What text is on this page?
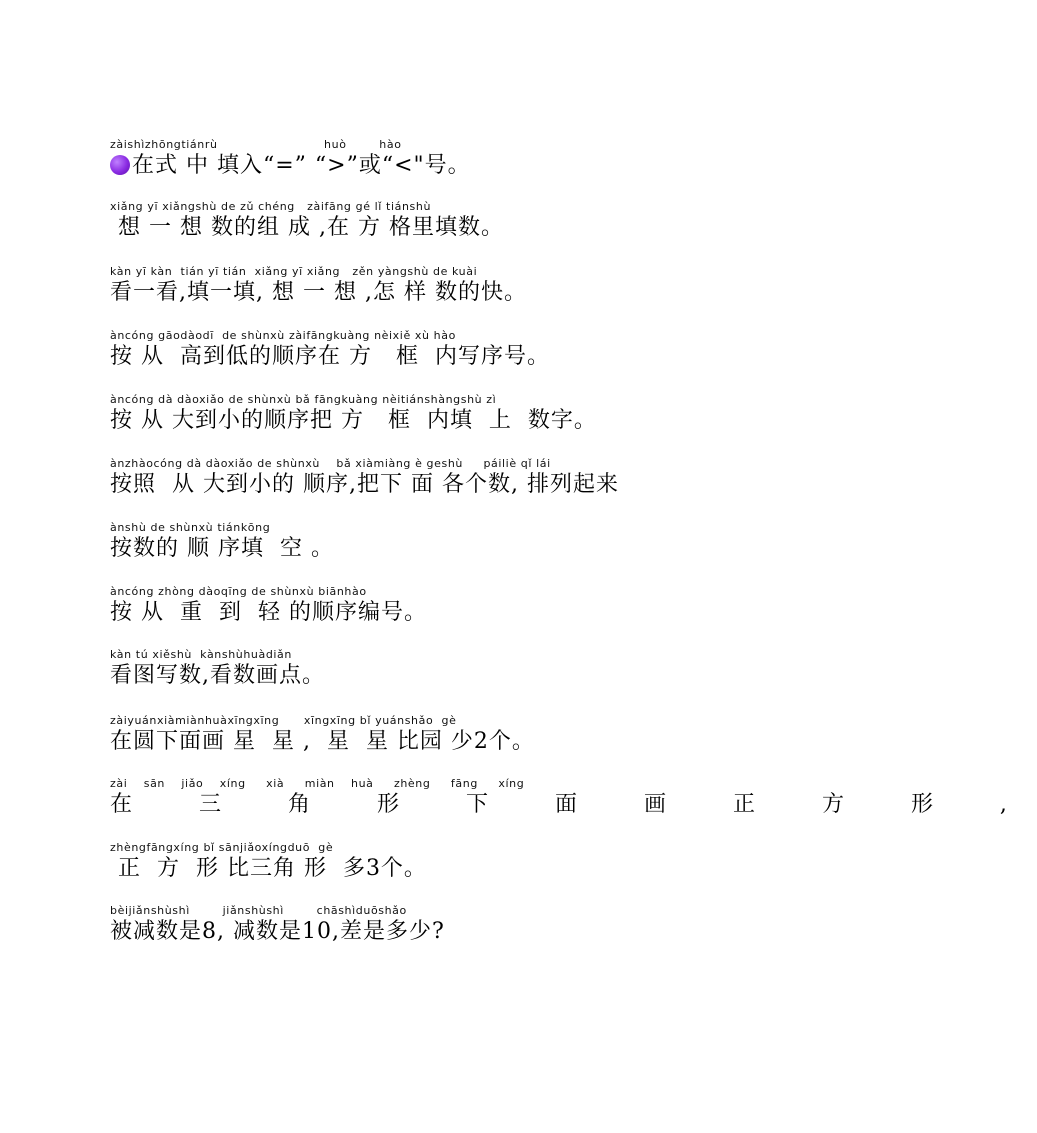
zàishìzhōngtiánrù                          huò        hào
在式 中 填入“=” “>”或“<"号。
xiǎng yī xiǎngshù de zǔ chéng   zàifāng gé lǐ tiánshù
想 一 想 数的组 成 ,在 方 格里填数。
kàn yī kàn  tián yī tián  xiǎng yī xiǎng   zěn yàngshù de kuài
看一看,填一填, 想 一 想 ,怎 样 数的快。
àncóng gāodàodī  de shùnxù zàifāngkuàng nèixiě xù hào
按 从  高到低的顺序在 方   框  内写序号。
àncóng dà dàoxiǎo de shùnxù bǎ fāngkuàng nèitiánshàngshù zì
按 从 大到小的顺序把 方   框  内填  上  数字。
ànzhàocóng dà dàoxiǎo de shùnxù    bǎ xiàmiàng è geshù     páiliè qǐ lái
按照  从 大到小的 顺序,把下 面 各个数, 排列起来
ànshù de shùnxù tiánkōng
按数的 顺 序填  空 。
àncóng zhòng dàoqīng de shùnxù biānhào
按 从  重  到  轻 的顺序编号。
kàn tú xiěshù  kànshùhuàdiǎn
看图写数,看数画点。
zàiyuánxiàmiànhuàxīngxīng      xīngxīng bǐ yuánshǎo  gè
在圆下面画 星  星 ,  星  星 比园 少2个。
zài    sān    jiǎo    xíng     xià     miàn    huà     zhèng     fāng     xíng
在 三 角 形 下 面 画 正 方 形 ,
zhèngfāngxíng bǐ sānjiǎoxíngduō  gè
正  方  形 比三角 形  多3个。
bèijiǎnshùshì        jiǎnshùshì        chāshìduōshǎo
被减数是8, 减数是10,差是多少?
